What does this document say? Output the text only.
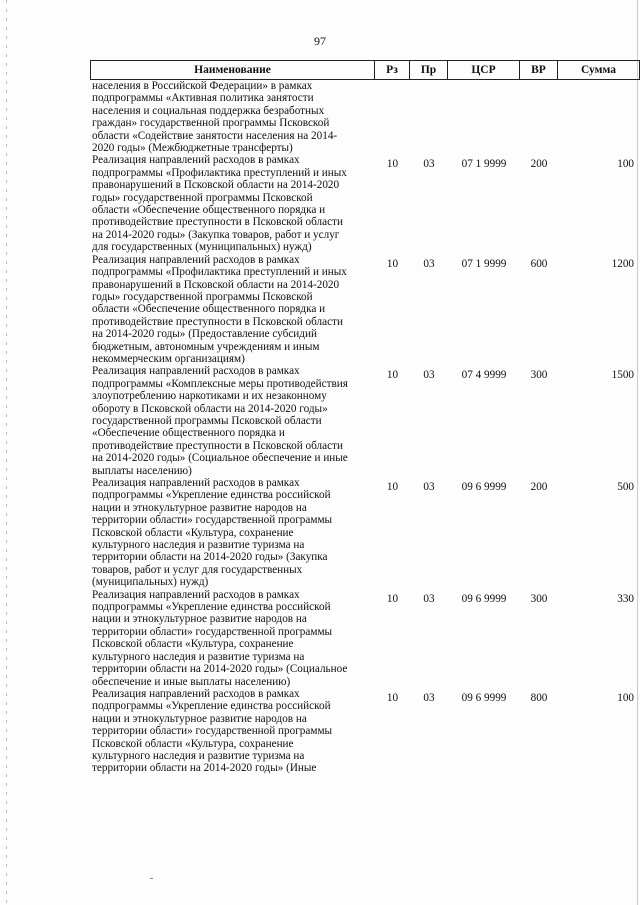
97
Наименование	Рз	Пр	ЦСР	ВР	Сумма
населения в Российской Федерации» в рамках
подпрограммы «Активная политика занятости
населения и социальная поддержка безработных
граждан» государственной программы Псковской
области «Содействие занятости населения на 2014-
2020 годы» (Межбюджетные трансферты)
Реализация направлений расходов в рамках
подпрограммы «Профилактика преступлений и иных
правонарушений в Псковской области на 2014-2020
годы» государственной программы Псковской
области «Обеспечение общественного порядка и
противодействие преступности в Псковской области
на 2014-2020 годы» (Закупка товаров, работ и услуг
для государственных (муниципальных) нужд)
10	03	07 1 9999	200	100
Реализация направлений расходов в рамках
подпрограммы «Профилактика преступлений и иных
правонарушений в Псковской области на 2014-2020
годы» государственной программы Псковской
области «Обеспечение общественного порядка и
противодействие преступности в Псковской области
на 2014-2020 годы» (Предоставление субсидий
бюджетным, автономным учреждениям и иным
некоммерческим организациям)
10	03	07 1 9999	600	1200
Реализация направлений расходов в рамках
подпрограммы «Комплексные меры противодействия
злоупотреблению наркотиками и их незаконному
обороту в Псковской области на 2014-2020 годы»
государственной программы Псковской области
«Обеспечение общественного порядка и
противодействие преступности в Псковской области
на 2014-2020 годы» (Социальное обеспечение и иные
выплаты населению)
10	03	07 4 9999	300	1500
Реализация направлений расходов в рамках
подпрограммы «Укрепление единства российской
нации и этнокультурное развитие народов на
территории области» государственной программы
Псковской области «Культура, сохранение
культурного наследия и развитие туризма на
территории области на 2014-2020 годы» (Закупка
товаров, работ и услуг для государственных
(муниципальных) нужд)
10	03	09 6 9999	200	500
Реализация направлений расходов в рамках
подпрограммы «Укрепление единства российской
нации и этнокультурное развитие народов на
территории области» государственной программы
Псковской области «Культура, сохранение
культурного наследия и развитие туризма на
территории области на 2014-2020 годы» (Социальное
обеспечение и иные выплаты населению)
10	03	09 6 9999	300	330
Реализация направлений расходов в рамках
подпрограммы «Укрепление единства российской
нации и этнокультурное развитие народов на
территории области» государственной программы
Псковской области «Культура, сохранение
культурного наследия и развитие туризма на
территории области на 2014-2020 годы» (Иные
10	03	09 6 9999	800	100
